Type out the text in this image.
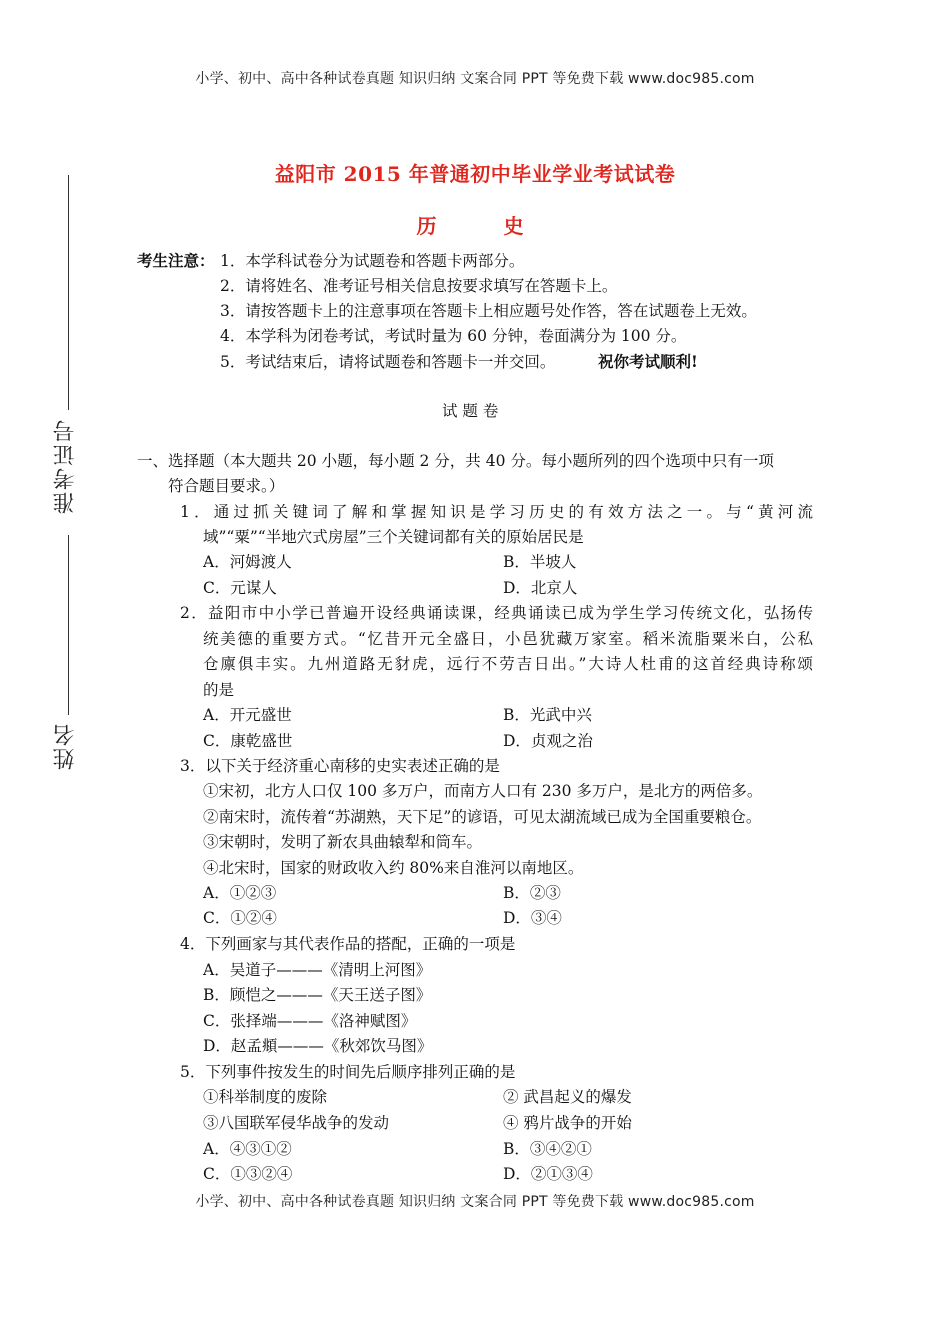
小学、初中、高中各种试卷真题 知识归纳 文案合同 PPT 等免费下载 www.doc985.com
小学、初中、高中各种试卷真题 知识归纳 文案合同 PPT 等免费下载 www.doc985.com
准考证号
姓名
益阳市 2015 年普通初中毕业学业考试试卷
历 史
考生注意： 1．本学科试卷分为试题卷和答题卡两部分。
2．请将姓名、准考证号相关信息按要求填写在答题卡上。
3．请按答题卡上的注意事项在答题卡上相应题号处作答，答在试题卷上无效。
4．本学科为闭卷考试，考试时量为 60 分钟，卷面满分为 100 分。
5．考试结束后，请将试题卷和答题卡一并交回。	祝你考试顺利!
试 题 卷
一、选择题（本大题共 20 小题，每小题 2 分，共 40 分。每小题所列的四个选项中只有一项
符合题目要求。）
1．通过抓关键词了解和掌握知识是学习历史的有效方法之一。与“黄河流
域”“粟”“半地穴式房屋”三个关键词都有关的原始居民是
A．河姆渡人	B．半坡人
C．元谋人	D．北京人
2．益阳市中小学已普遍开设经典诵读课，经典诵读已成为学生学习传统文化，弘扬传
统美德的重要方式。“忆昔开元全盛日，小邑犹藏万家室。稻米流脂粟米白，公私
仓廪俱丰实。九州道路无豺虎，远行不劳吉日出。”大诗人杜甫的这首经典诗称颂
的是
A．开元盛世	B．光武中兴
C．康乾盛世	D．贞观之治
3．以下关于经济重心南移的史实表述正确的是
①宋初，北方人口仅 100 多万户，而南方人口有 230 多万户，是北方的两倍多。
②南宋时，流传着“苏湖熟，天下足”的谚语，可见太湖流域已成为全国重要粮仓。
③宋朝时，发明了新农具曲辕犁和筒车。
④北宋时，国家的财政收入约 80%来自淮河以南地区。
A．①②③	B．②③
C．①②④	D．③④
4．下列画家与其代表作品的搭配，正确的一项是
A．吴道子———《清明上河图》
B．顾恺之———《天王送子图》
C．张择端———《洛神赋图》
D．赵孟頫———《秋郊饮马图》
5．下列事件按发生的时间先后顺序排列正确的是
①科举制度的废除	② 武昌起义的爆发
③八国联军侵华战争的发动	④ 鸦片战争的开始
A．④③①②	B．③④②①
C．①③②④	D．②①③④
